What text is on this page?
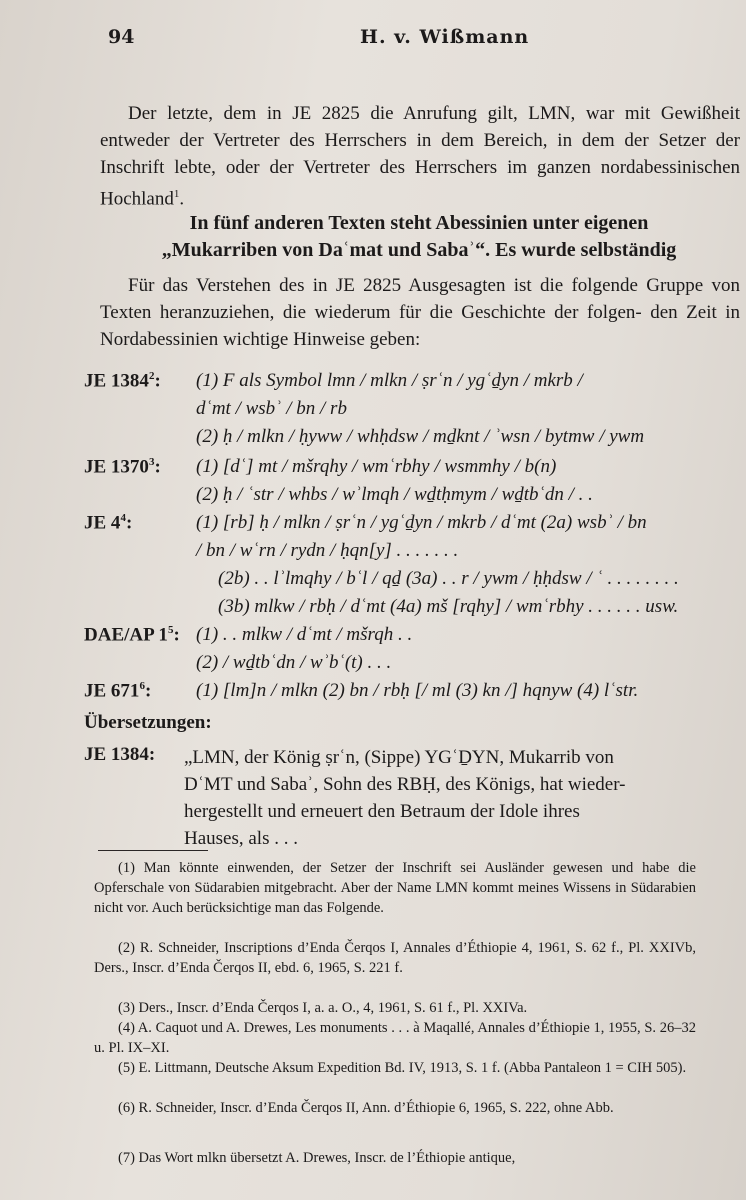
94	H. v. Wißmann
Der letzte, dem in JE 2825 die Anrufung gilt, LMN, war mit Gewißheit entweder der Vertreter des Herrschers in dem Bereich, in dem der Setzer der Inschrift lebte, oder der Vertreter des Herrschers im ganzen nordabessinischen Hochland$^1$.
In fünf anderen Texten steht Abessinien unter eigenen
„Mukarriben von Daʿmat und Sabaʾ“. Es wurde selbständig
Für das Verstehen des in JE 2825 Ausgesagten ist die folgende Gruppe von Texten heranzuziehen, die wiederum für die Geschichte der folgen- den Zeit in Nordabessinien wichtige Hinweise geben:
JE 1384$^2$:	(1) F als Symbol lmn / mlkn / ṣrʿn / ygʿḏyn / mkrb /
dʿmt / wsbʾ / bn / rb
(2) ḥ / mlkn / ḥyww / whḥdsw / mḏknt / ʾwsn / bytmw / ywm
JE 1370$^3$:	(1) [dʿ] mt / mšrqhy / wmʿrbhy / wsmmhy / b(n)
(2) ḥ / ʿstr / whbs / wʾlmqh / wḏtḥmym / wḏtbʿdn / . .
JE $4^4$:	(1) [rb] ḥ / mlkn / ṣrʿn / ygʿḏyn / mkrb / dʿmt (2a) wsbʾ / bn
/ bn / wʿrn / rydn / ḥqn[y] . . . . . . .
(2b) . . lʾlmqhy / bʿl / qḏ (3a) . . r / ywm / ḥḥdsw / ʿ . . . . . . . .
(3b) mlkw / rbḥ / dʿmt (4a) mš [rqhy] / wmʿrbhy . . . . . . usw.
DAE/AP $1^5$: (1) . . mlkw / dʿmt / mšrqh . .
(2) / wḏtbʿdn / wʾbʿ(t) . . .
JE $671^6$:	(1) [lm]n / mlkn (2) bn / rbḥ [/ ml (3) kn /] hqnyw (4) lʿstr.
Übersetzungen:
JE 1384: „LMN, der König ṣrʿn, (Sippe) YGʿḎYN, Mukarrib von
DʿMT und Sabaʾ, Sohn des RBḤ, des Königs, hat wieder-
hergestellt und erneuert den Betraum der Idole ihres
Hauses, als . . .
(1) Man könnte einwenden, der Setzer der Inschrift sei Ausländer gewesen und habe die Opferschale von Südarabien mitgebracht. Aber der Name LMN kommt meines Wissens in Südarabien nicht vor. Auch berücksichtige man das Folgende.
(2) R. Schneider, Inscriptions d’Enda Čerqos I, Annales d’Éthiopie 4, 1961, S. 62 f., Pl. XXIVb, Ders., Inscr. d’Enda Čerqos II, ebd. 6, 1965, S. 221 f.
(3) Ders., Inscr. d’Enda Čerqos I, a. a. O., 4, 1961, S. 61 f., Pl. XXIVa.
(4) A. Caquot und A. Drewes, Les monuments . . . à Maqallé, Annales d’Éthiopie 1, 1955, S. 26–32 u. Pl. IX–XI.
(5) E. Littmann, Deutsche Aksum Expedition Bd. IV, 1913, S. 1 f. (Abba Pantaleon 1 = CIH 505).
(6) R. Schneider, Inscr. d’Enda Čerqos II, Ann. d’Éthiopie 6, 1965, S. 222, ohne Abb.
(7) Das Wort mlkn übersetzt A. Drewes, Inscr. de l’Éthiopie antique,
